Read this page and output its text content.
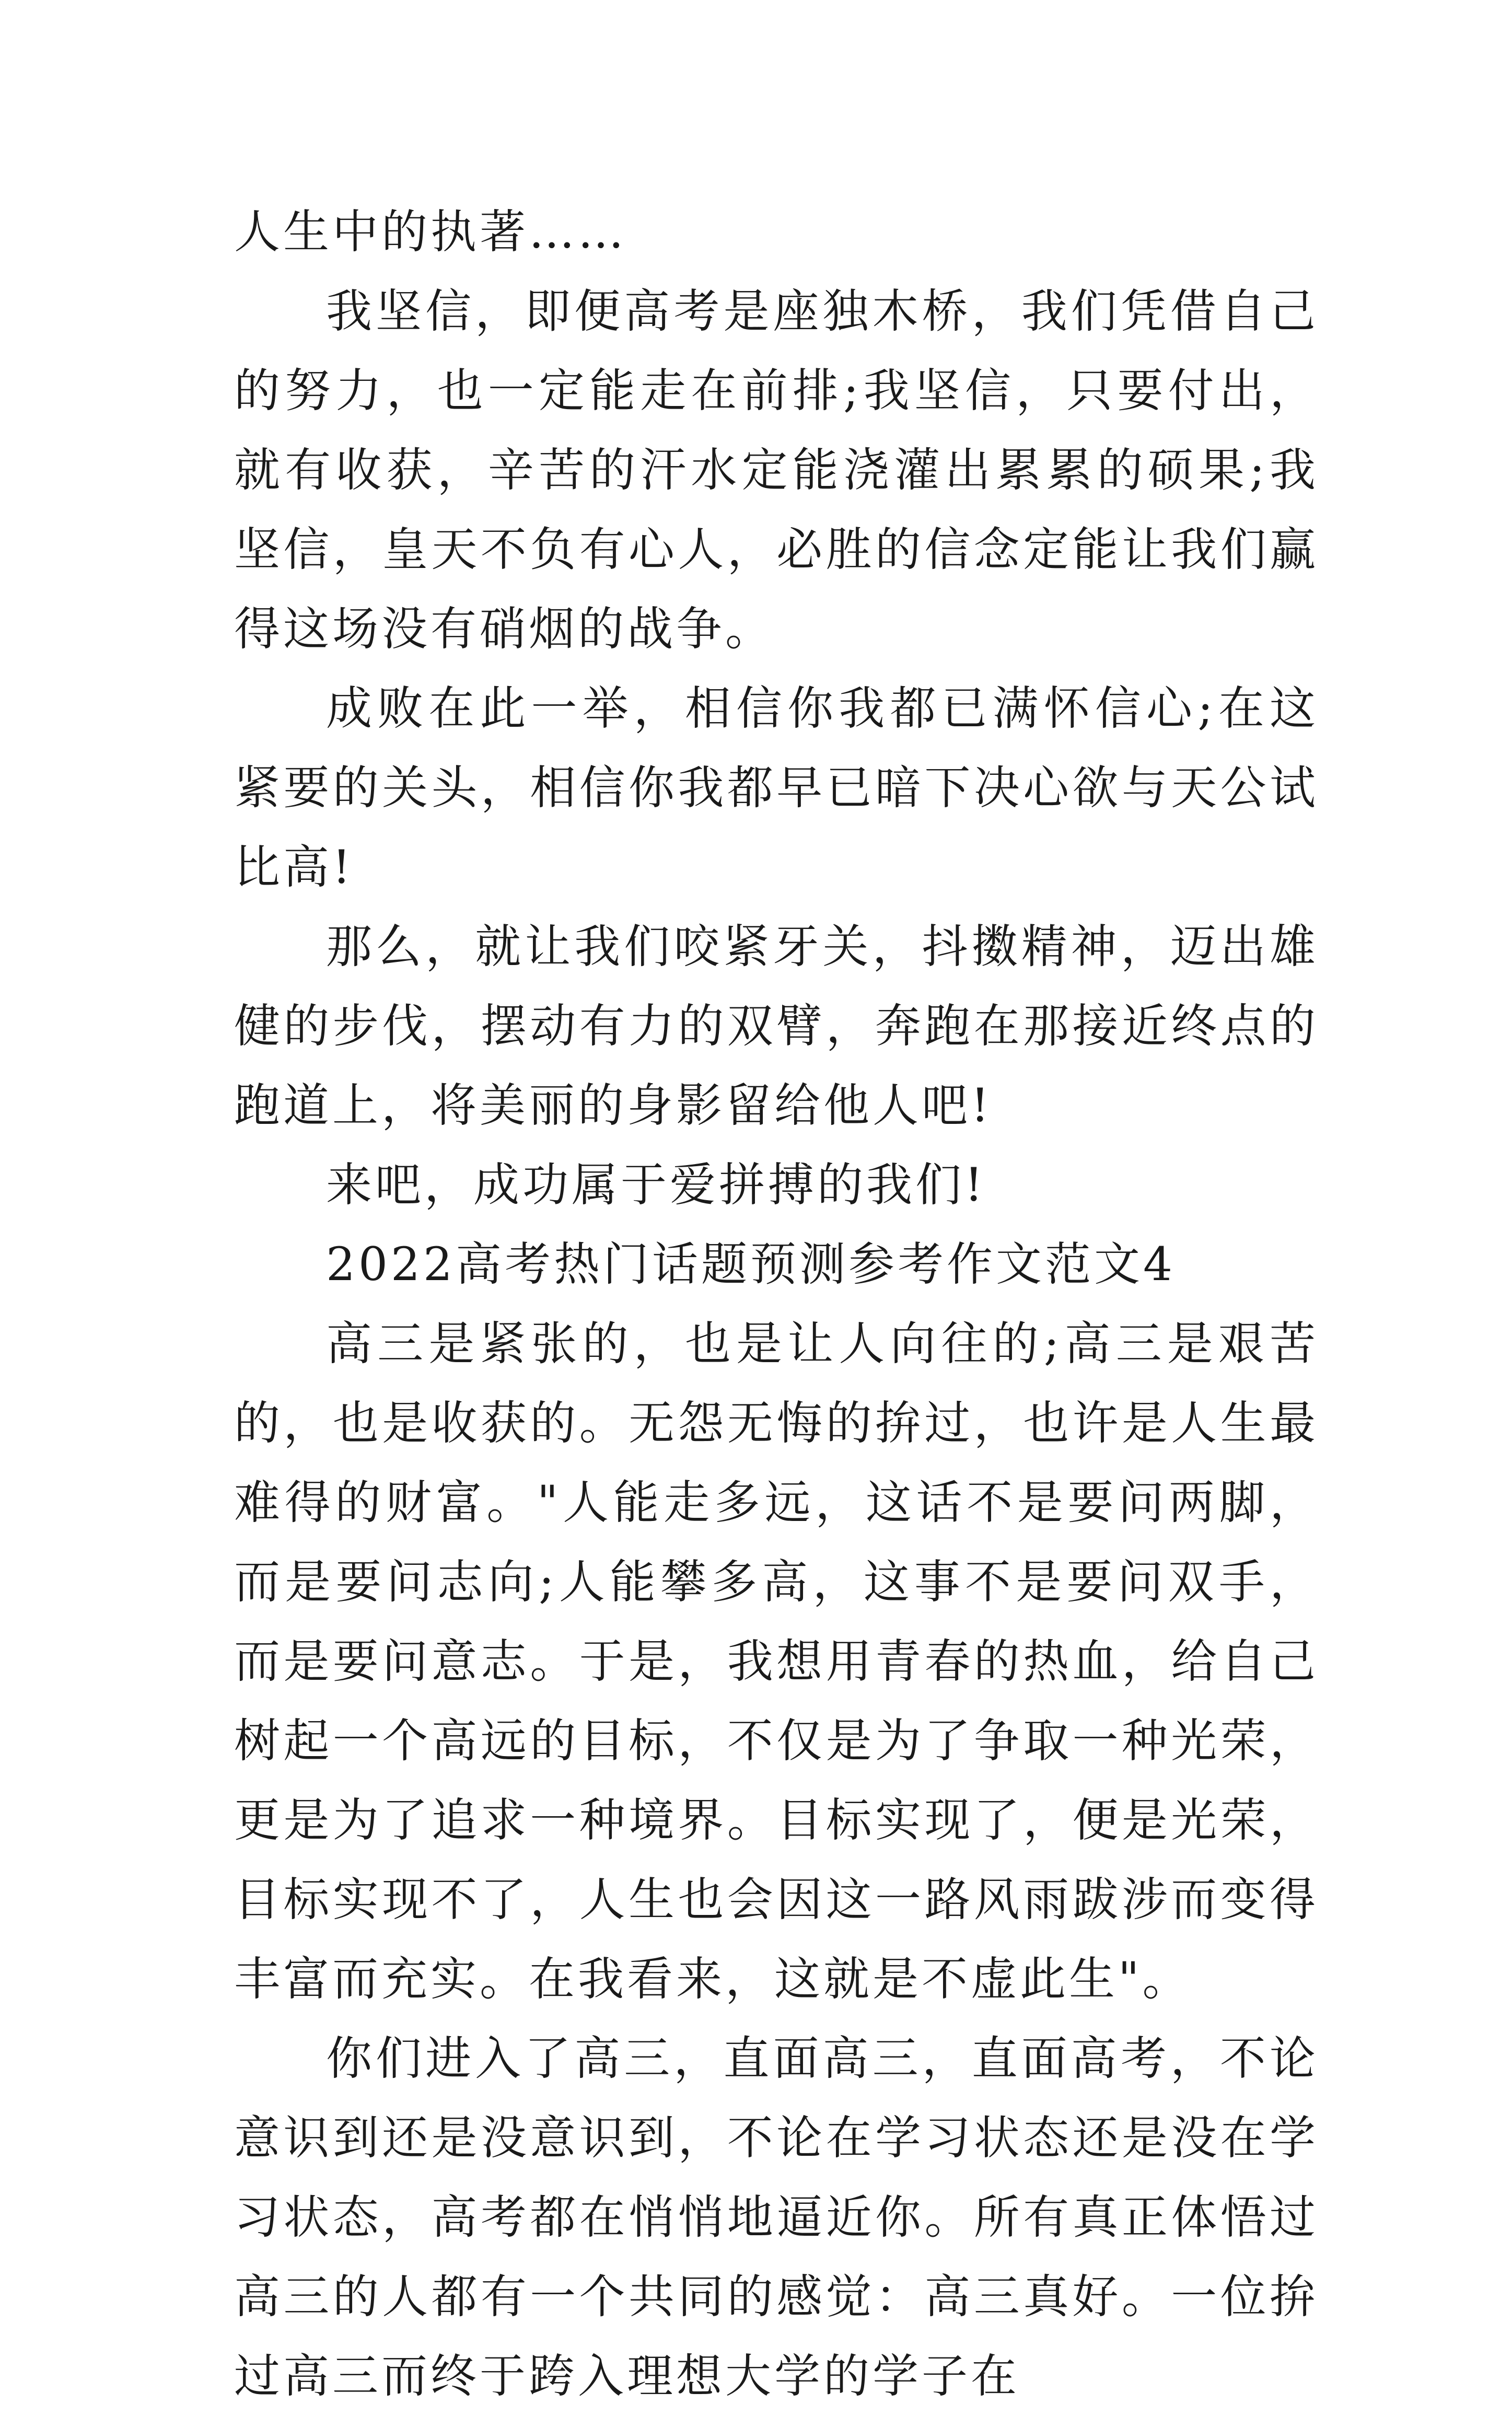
人生中的执著……

我坚信，即便高考是座独木桥，我们凭借自己的努力，也一定能走在前排;我坚信，只要付出，就有收获，辛苦的汗水定能浇灌出累累的硕果;我坚信，皇天不负有心人，必胜的信念定能让我们赢得这场没有硝烟的战争。

成败在此一举，相信你我都已满怀信心;在这紧要的关头，相信你我都早已暗下决心欲与天公试比高!

那么，就让我们咬紧牙关，抖擞精神，迈出雄健的步伐，摆动有力的双臂，奔跑在那接近终点的跑道上，将美丽的身影留给他人吧!

来吧，成功属于爱拼搏的我们!

2022高考热门话题预测参考作文范文4

高三是紧张的，也是让人向往的;高三是艰苦的，也是收获的。无怨无悔的拚过，也许是人生最难得的财富。"人能走多远，这话不是要问两脚，而是要问志向;人能攀多高，这事不是要问双手，而是要问意志。于是，我想用青春的热血，给自己树起一个高远的目标，不仅是为了争取一种光荣，更是为了追求一种境界。目标实现了，便是光荣，目标实现不了，人生也会因这一路风雨跋涉而变得丰富而充实。在我看来，这就是不虚此生"。

你们进入了高三，直面高三，直面高考，不论意识到还是没意识到，不论在学习状态还是没在学习状态，高考都在悄悄地逼近你。所有真正体悟过高三的人都有一个共同的感觉：高三真好。一位拚过高三而终于跨入理想大学的学子在
